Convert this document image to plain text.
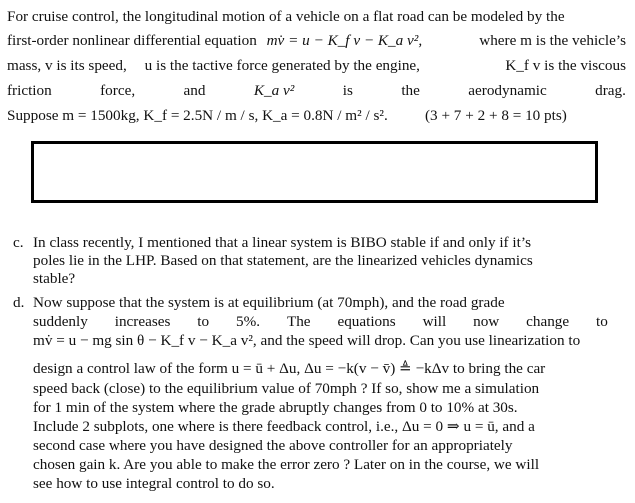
For cruise control, the longitudinal motion of a vehicle on a flat road can be modeled by the
first-order nonlinear differential equation mv̇ = u − K_f v − K_a v²,	where m is the vehicle’s
mass, v is its speed, u is the tactive force generated by the engine,	K_f v is the viscous
friction	force,	and	K_a v²	is	the	aerodynamic	drag.
Suppose m = 1500kg, K_f = 2.5N / m / s, K_a = 0.8N / m² / s². (3 + 7 + 2 + 8 = 10 pts)
c. In class recently, I mentioned that a linear system is BIBO stable if and only if it’s
poles lie in the LHP. Based on that statement, are the linearized vehicles dynamics
stable?
d. Now suppose that the system is at equilibrium (at 70mph), and the road grade
suddenly increases to 5%. The equations will now change to
mv̇ = u − mg sin θ − K_f v − K_a v², and the speed will drop. Can you use linearization to
design a control law of the form u = ū + Δu, Δu = −k(v − v̄) ≜ −kΔv to bring the car
speed back (close) to the equilibrium value of 70mph ? If so, show me a simulation
for 1 min of the system where the grade abruptly changes from 0 to 10% at 30s.
Include 2 subplots, one where is there feedback control, i.e., Δu = 0 ⇒ u = ū, and a
second case where you have designed the above controller for an appropriately
chosen gain k. Are you able to make the error zero ? Later on in the course, we will
see how to use integral control to do so.
